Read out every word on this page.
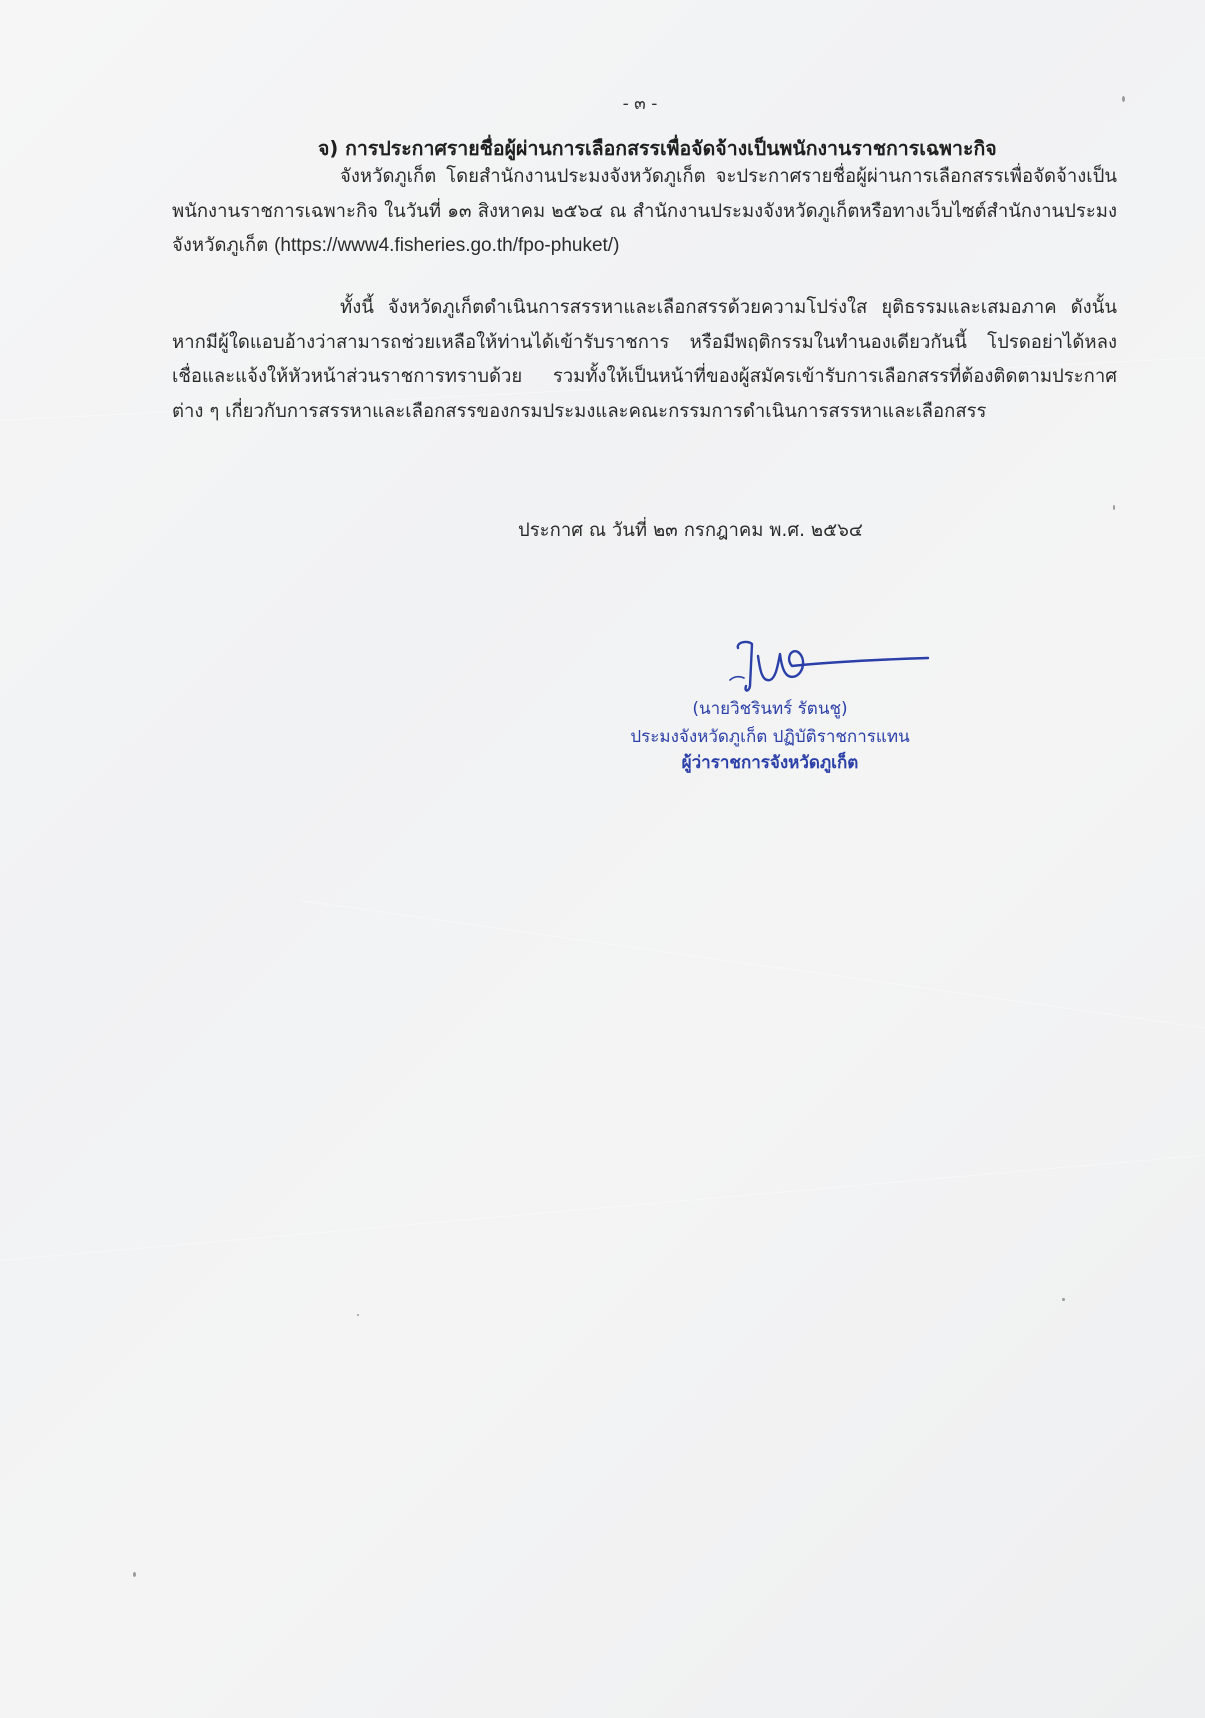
- ๓ -
จ) การประกาศรายชื่อผู้ผ่านการเลือกสรรเพื่อจัดจ้างเป็นพนักงานราชการเฉพาะกิจ
จังหวัดภูเก็ต โดยสำนักงานประมงจังหวัดภูเก็ต จะประกาศรายชื่อผู้ผ่านการเลือกสรรเพื่อจัดจ้างเป็นพนักงานราชการเฉพาะกิจ ในวันที่ ๑๓ สิงหาคม ๒๕๖๔ ณ สำนักงานประมงจังหวัดภูเก็ตหรือทางเว็บไซต์สำนักงานประมงจังหวัดภูเก็ต (https://www4.fisheries.go.th/fpo-phuket/)
ทั้งนี้ จังหวัดภูเก็ตดำเนินการสรรหาและเลือกสรรด้วยความโปร่งใส ยุติธรรมและเสมอภาค ดังนั้น หากมีผู้ใดแอบอ้างว่าสามารถช่วยเหลือให้ท่านได้เข้ารับราชการ หรือมีพฤติกรรมในทำนองเดียวกันนี้ โปรดอย่าได้หลงเชื่อและแจ้งให้หัวหน้าส่วนราชการทราบด้วย รวมทั้งให้เป็นหน้าที่ของผู้สมัครเข้ารับการเลือกสรรที่ต้องติดตามประกาศต่าง ๆ เกี่ยวกับการสรรหาและเลือกสรรของกรมประมงและคณะกรรมการดำเนินการสรรหาและเลือกสรร
ประกาศ ณ วันที่ ๒๓ กรกฎาคม พ.ศ. ๒๕๖๔
(นายวิชรินทร์ รัตนชู)
ประมงจังหวัดภูเก็ต ปฏิบัติราชการแทน
ผู้ว่าราชการจังหวัดภูเก็ต
